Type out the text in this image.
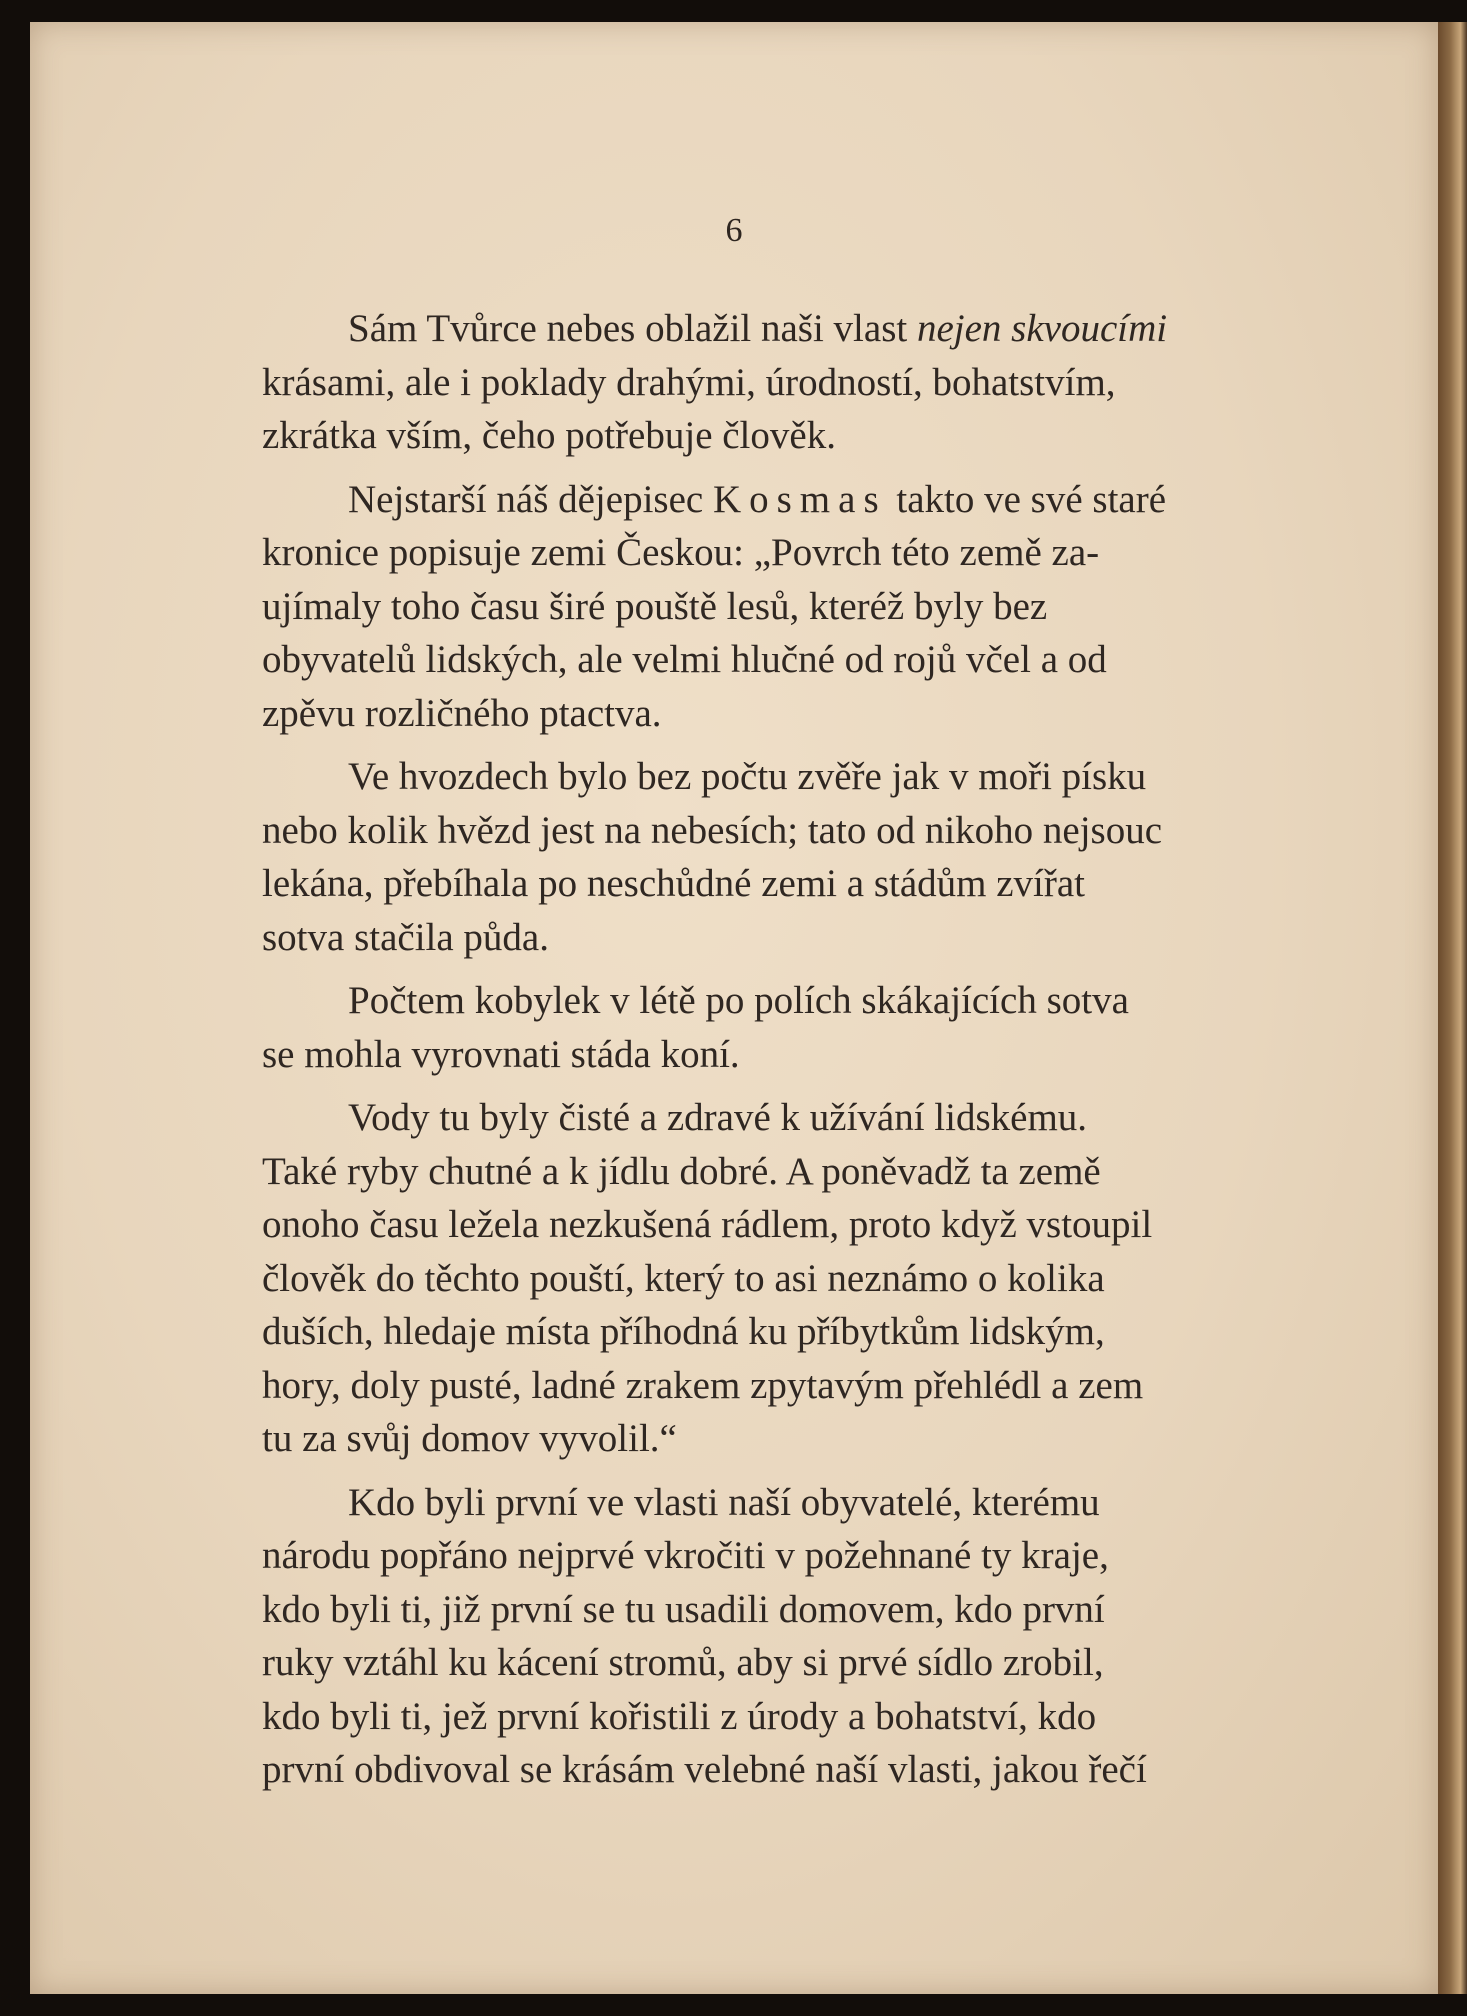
6

Sám Tvůrce nebes oblažil naši vlast nejen skvoucími
krásami, ale i poklady drahými, úrodností, bohatstvím,
zkrátka vším, čeho potřebuje člověk.

Nejstarší náš dějepisec Kosmas takto ve své staré
kronice popisuje zemi Českou: „Povrch této země za-
ujímaly toho času širé pouště lesů, kteréž byly bez
obyvatelů lidských, ale velmi hlučné od rojů včel a od
zpěvu rozličného ptactva.

Ve hvozdech bylo bez počtu zvěře jak v moři písku
nebo kolik hvězd jest na nebesích; tato od nikoho nejsouc
lekána, přebíhala po neschůdné zemi a stádům zvířat
sotva stačila půda.

Počtem kobylek v létě po polích skákajících sotva
se mohla vyrovnati stáda koní.

Vody tu byly čisté a zdravé k užívání lidskému.
Také ryby chutné a k jídlu dobré. A poněvadž ta země
onoho času ležela nezkušená rádlem, proto když vstoupil
člověk do těchto pouští, který to asi neznámo o kolika
duších, hledaje místa příhodná ku příbytkům lidským,
hory, doly pusté, ladné zrakem zpytavým přehlédl a zem
tu za svůj domov vyvolil.“

Kdo byli první ve vlasti naší obyvatelé, kterému
národu popřáno nejprvé vkročiti v požehnané ty kraje,
kdo byli ti, již první se tu usadili domovem, kdo první
ruky vztáhl ku kácení stromů, aby si prvé sídlo zrobil,
kdo byli ti, jež první kořistili z úrody a bohatství, kdo
první obdivoval se krásám velebné naší vlasti, jakou řečí
